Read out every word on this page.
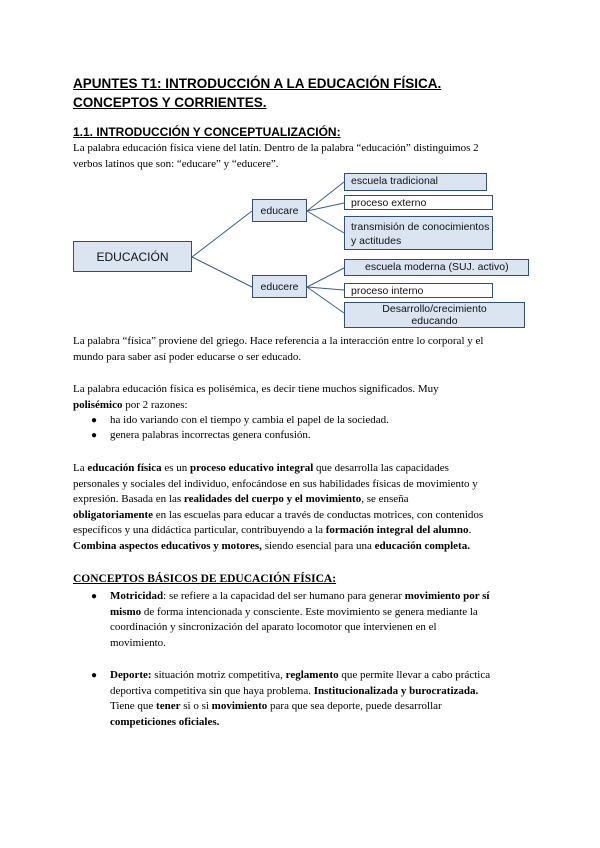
APUNTES T1: INTRODUCCIÓN A LA EDUCACIÓN FÍSICA.
CONCEPTOS Y CORRIENTES.
1.1. INTRODUCCIÓN Y CONCEPTUALIZACIÓN:
La palabra educación física viene del latín. Dentro de la palabra “educación” distinguimos 2
verbos latinos que son: “educare” y “educere”.
EDUCACIÓN
educare
educere
escuela tradicional
proceso externo
transmisión de conocimientos y actitudes
escuela moderna (SUJ. activo)
proceso interno
Desarrollo/crecimiento educando
La palabra “física” proviene del griego. Hace referencia a la interacción entre lo corporal y el
mundo para saber así poder educarse o ser educado.
La palabra educación física es polisémica, es decir tiene muchos significados. Muy
polisémico por 2 razones:
● ha ido variando con el tiempo y cambia el papel de la sociedad.
● genera palabras incorrectas genera confusión.
La educación física es un proceso educativo integral que desarrolla las capacidades
personales y sociales del individuo, enfocándose en sus habilidades físicas de movimiento y
expresión. Basada en las realidades del cuerpo y el movimiento, se enseña
obligatoriamente en las escuelas para educar a través de conductas motrices, con contenidos
específicos y una didáctica particular, contribuyendo a la formación integral del alumno.
Combina aspectos educativos y motores, siendo esencial para una educación completa.
CONCEPTOS BÁSICOS DE EDUCACIÓN FÍSICA:
● Motricidad: se refiere a la capacidad del ser humano para generar movimiento por sí
mismo de forma intencionada y consciente. Este movimiento se genera mediante la
coordinación y sincronización del aparato locomotor que intervienen en el
movimiento.
● Deporte: situación motriz competitiva, reglamento que permite llevar a cabo práctica
deportiva competitiva sin que haya problema. Institucionalizada y burocratizada.
Tiene que tener si o si movimiento para que sea deporte, puede desarrollar
competiciones oficiales.
